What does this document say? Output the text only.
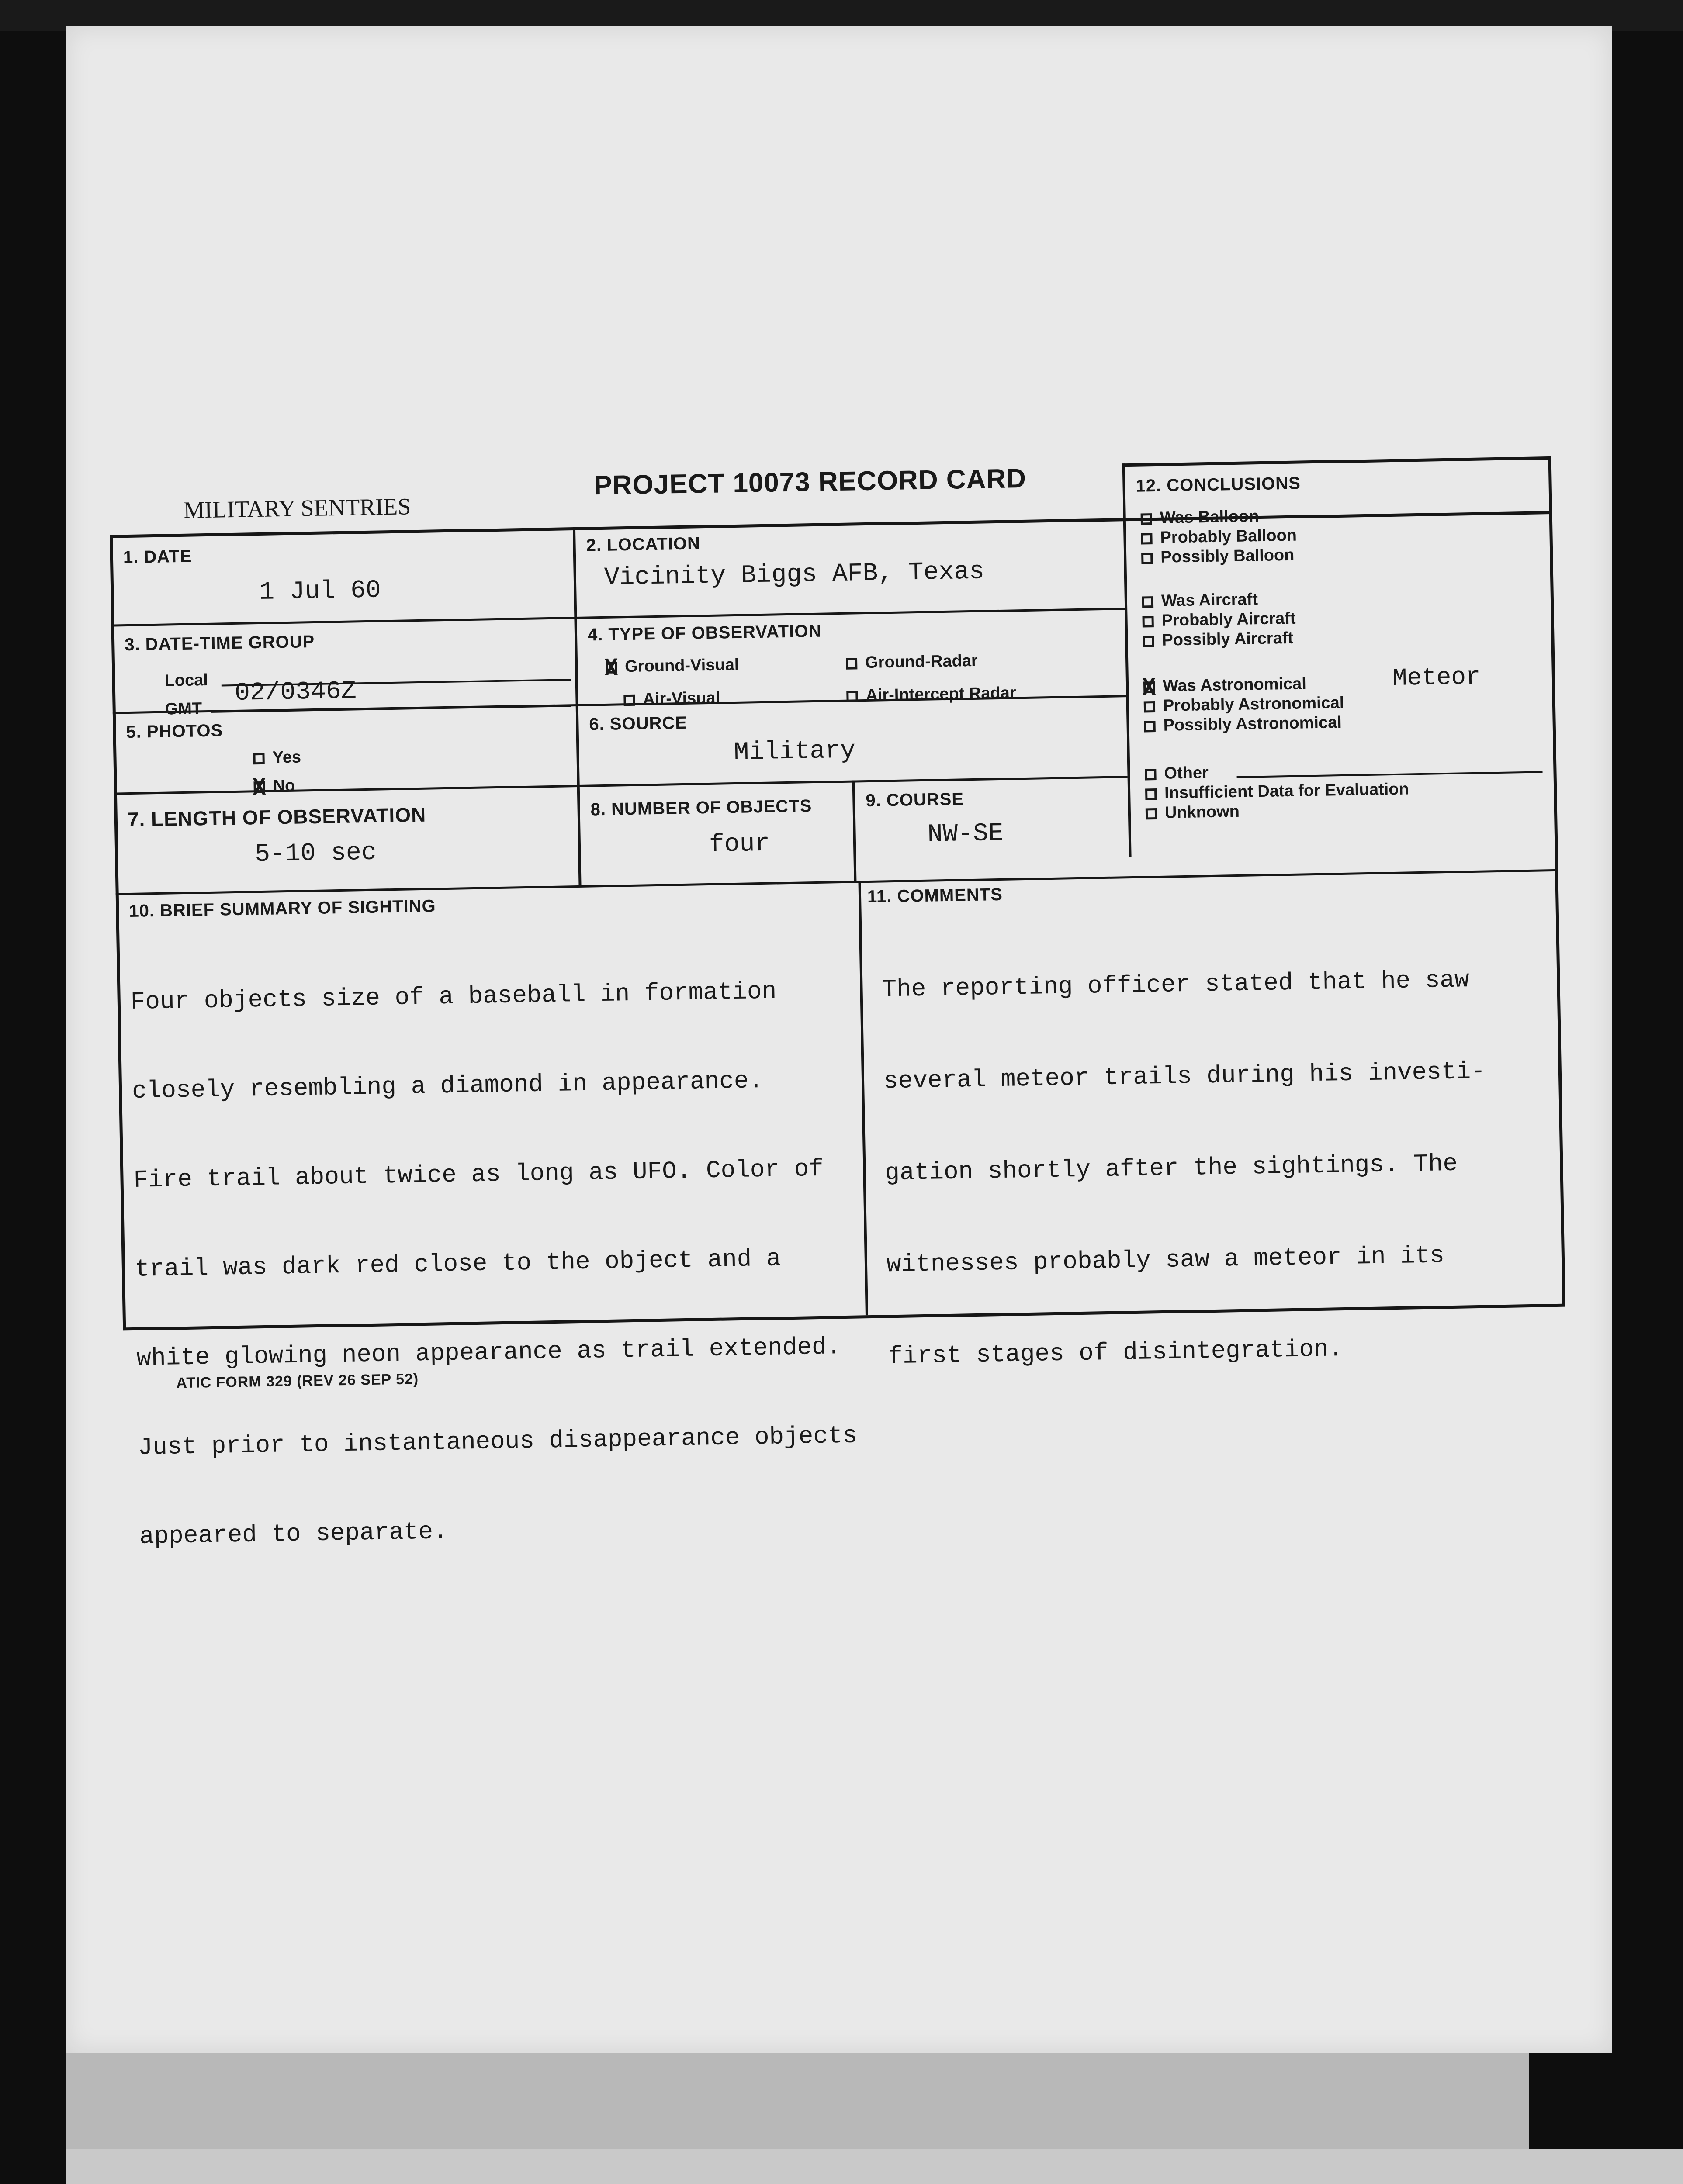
PROJECT 10073 RECORD CARD
MILITARY SENTRIES
1. DATE
1 Jul 60
2. LOCATION
Vicinity Biggs AFB, Texas
3. DATE-TIME GROUP
Local
GMT
02/0346Z
4. TYPE OF OBSERVATION
XGround-Visual	Ground-Radar
Air-Visual	Air-Intercept Radar
5. PHOTOS
Yes
XNo
6. SOURCE
Military
7. LENGTH OF OBSERVATION
5-10 sec
8. NUMBER OF OBJECTS
four
9. COURSE
NW-SE
12. CONCLUSIONS
Was Balloon
Probably Balloon
Possibly Balloon
Was Aircraft
Probably Aircraft
Possibly Aircraft
XWas Astronomical	Meteor
Probably Astronomical
Possibly Astronomical
Other
Insufficient Data for Evaluation
Unknown
10. BRIEF SUMMARY OF SIGHTING

Four objects size of a baseball in formation

closely resembling a diamond in appearance.

Fire trail about twice as long as UFO. Color of

trail was dark red close to the object and a

white glowing neon appearance as trail extended.

Just prior to instantaneous disappearance objects

appeared to separate.

11. COMMENTS

The reporting officer stated that he saw

several meteor trails during his investi-

gation shortly after the sightings. The

witnesses probably saw a meteor in its

first stages of disintegration.

ATIC FORM 329 (REV 26 SEP 52)
